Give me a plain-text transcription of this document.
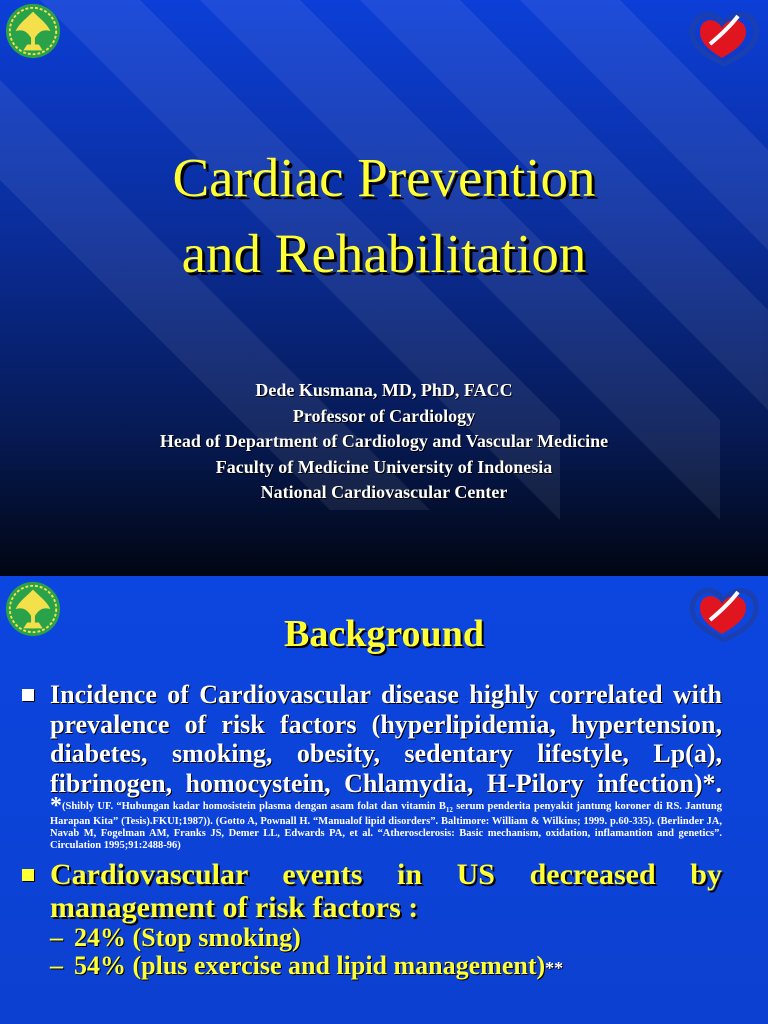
Cardiac Prevention
and Rehabilitation
Dede Kusmana, MD, PhD, FACC
Professor of Cardiology
Head of Department of Cardiology and Vascular Medicine
Faculty of Medicine University of Indonesia
National Cardiovascular Center
Background
Incidence of Cardiovascular disease highly correlated with prevalence of risk factors (hyperlipidemia, hypertension, diabetes, smoking, obesity, sedentary lifestyle, Lp(a), fibrinogen, homocystein, Chlamydia, H-Pilory infection)*.
*(Shibly UF. “Hubungan kadar homosistein plasma dengan asam folat dan vitamin $B_{12}$ serum penderita penyakit jantung koroner di RS. Jantung Harapan Kita” (Tesis).FKUI;1987)). (Gotto A, Pownall H. “Manualof lipid disorders”. Baltimore: William & Wilkins; 1999. p.60-335). (Berlinder JA, Navab M, Fogelman AM, Franks JS, Demer LL, Edwards PA, et al. “Atherosclerosis: Basic mechanism, oxidation, inflamantion and genetics”. Circulation 1995;91:2488-96)
Cardiovascular events in US decreased by management of risk factors :
– 24% (Stop smoking)
– 54% (plus exercise and lipid management)**
